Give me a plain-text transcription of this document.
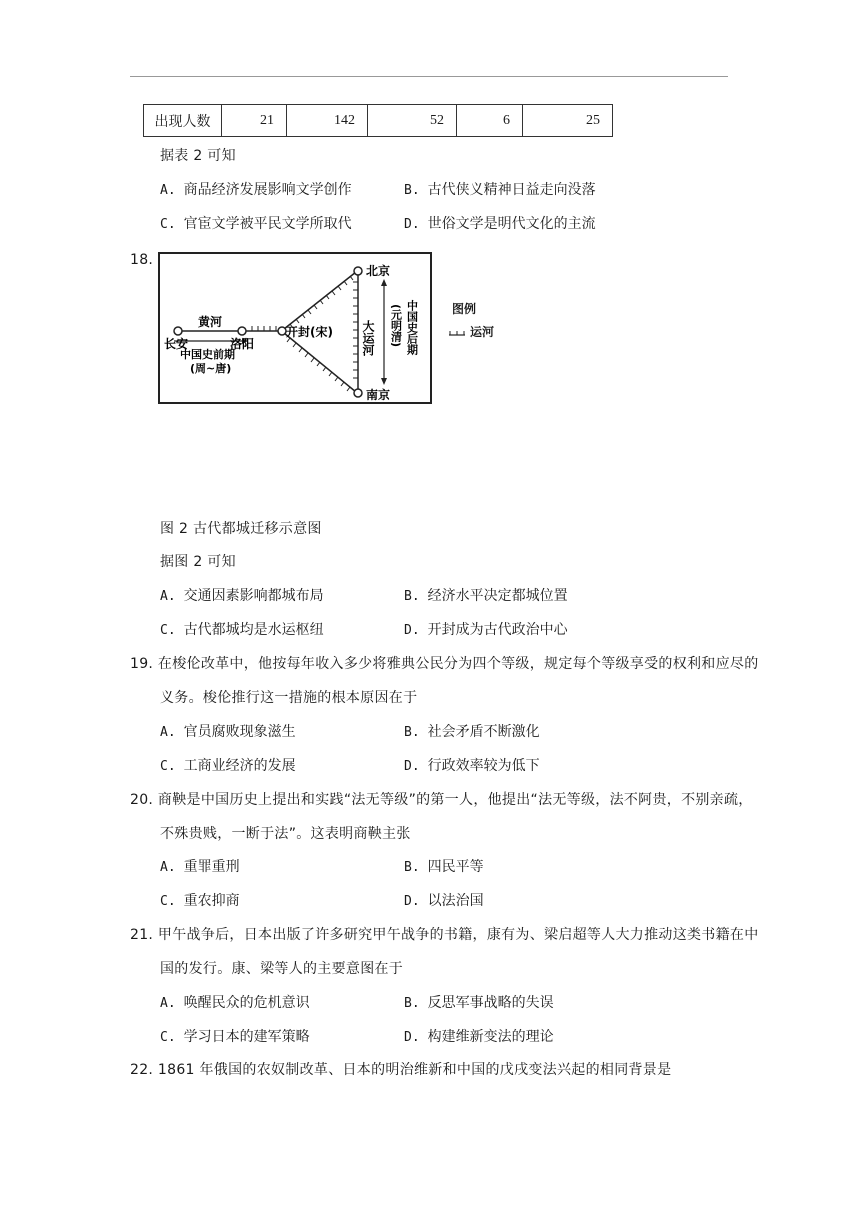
出现人数	21	142	52	6	25
据表 2 可知
A. 商品经济发展影响文学创作	B. 古代侠义精神日益走向没落
C. 官宦文学被平民文学所取代	D. 世俗文学是明代文化的主流
18.
北京
南京
长安	洛阳
开封(宋)
黄河
中国史前期
(周~唐)
大运河	中国史后期
(元明清)	图例
运河
图 2 古代都城迁移示意图
据图 2 可知
A. 交通因素影响都城布局	B. 经济水平决定都城位置
C. 古代都城均是水运枢纽	D. 开封成为古代政治中心
19. 在梭伦改革中，他按每年收入多少将雅典公民分为四个等级，规定每个等级享受的权利和应尽的
义务。梭伦推行这一措施的根本原因在于
A. 官员腐败现象滋生	B. 社会矛盾不断激化
C. 工商业经济的发展	D. 行政效率较为低下
20. 商鞅是中国历史上提出和实践“法无等级”的第一人，他提出“法无等级，法不阿贵，不别亲疏，
不殊贵贱，一断于法”。这表明商鞅主张
A. 重罪重刑	B. 四民平等
C. 重农抑商	D. 以法治国
21. 甲午战争后，日本出版了许多研究甲午战争的书籍，康有为、梁启超等人大力推动这类书籍在中
国的发行。康、梁等人的主要意图在于
A. 唤醒民众的危机意识	B. 反思军事战略的失误
C. 学习日本的建军策略	D. 构建维新变法的理论
22. 1861 年俄国的农奴制改革、日本的明治维新和中国的戊戌变法兴起的相同背景是
